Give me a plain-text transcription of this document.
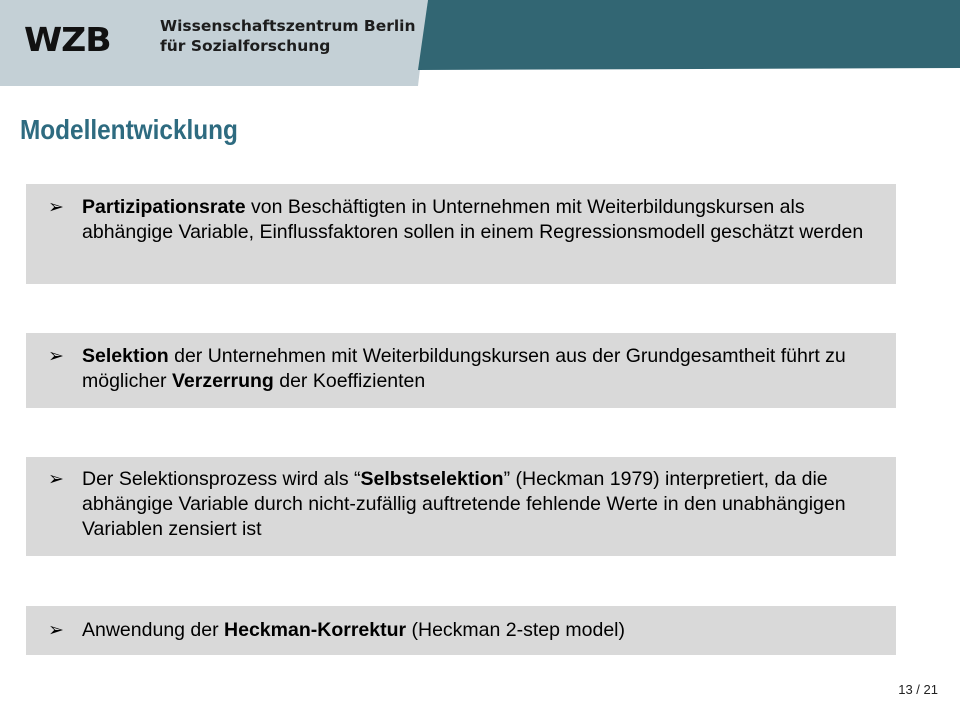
WZB	Wissenschaftszentrum Berlin
für Sozialforschung
Modellentwicklung
➢ Partizipationsrate von Beschäftigten in Unternehmen mit Weiterbildungskursen als abhängige Variable, Einflussfaktoren sollen in einem Regressionsmodell geschätzt werden
➢ Selektion der Unternehmen mit Weiterbildungskursen aus der Grundgesamtheit führt zu möglicher Verzerrung der Koeffizienten
➢ Der Selektionsprozess wird als “Selbstselektion” (Heckman 1979) interpretiert, da die abhängige Variable durch nicht-zufällig auftretende fehlende Werte in den unabhängigen Variablen zensiert ist
➢ Anwendung der Heckman-Korrektur (Heckman 2-step model)
13 / 21
